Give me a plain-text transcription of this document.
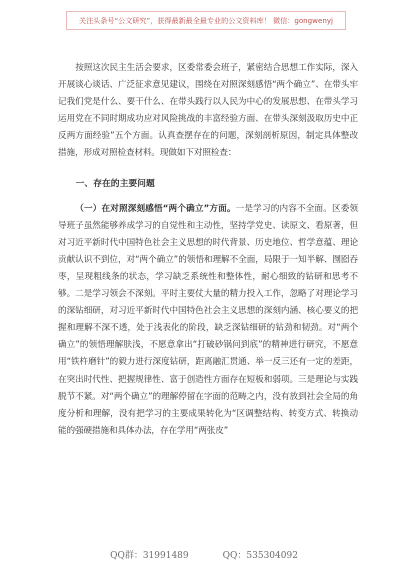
关注头条号“公文研究”，获得最新最全最专业的公文资料库！ 微信：gongwenyj

按照这次民主生活会要求，区委常委会班子，紧密结合思想工作实际，深入开展谈心谈话、广泛征求意见建议，围绕在对照深刻感悟“两个确立”、在带头牢记我们党是什么、要干什么、在带头践行以人民为中心的发展思想、在带头学习运用党在不同时期成功应对风险挑战的丰富经验方面、在带头深刻汲取历史中正反两方面经验”五个方面。认真查摆存在的问题，深刻剖析原因，制定具体整改措施，形成对照检查材料。现做如下对照检查：

一、存在的主要问题

（一）在对照深刻感悟“两个确立”方面。一是学习的内容不全面。区委领导班子虽然能够养成学习的自觉性和主动性，坚持学党史、读原文、看原著，但对习近平新时代中国特色社会主义思想的时代背景、历史地位、哲学意蕴、理论贡献认识不到位，对“两个确立”的领悟和理解不全面，局限于一知半解、囫囵吞枣，呈现粗线条的状态，学习缺乏系统性和整体性，耐心细致的钻研和思考不够。二是学习领会不深刻。平时主要仗大量的精力投入工作，忽略了对理论学习的深钻细研，对习近平新时代中国特色社会主义思想的深刻内涵、核心要义的把握和理解不深不透，处于浅表化的阶段，缺乏深钻细研的钻劲和韧劲。对“两个确立”的领悟理解肤浅，不愿意拿出“打破砂锅问到底”的精神进行研究，不愿意用“铁杵磨针”的毅力进行深度钻研，距离融汇贯通、举一反三还有一定的差距，在突出时代性、把握规律性、富于创造性方面存在短板和弱项。三是理论与实践脱节不紧。对“两个确立”的理解停留在字面的范畴之内，没有放到社会全局的角度分析和理解，没有把学习的主要成果转化为“区调整结构、转变方式、转换动能的强硬措施和具体办法，存在学用“两张皮”

QQ群：31991489	QQ：535304092
